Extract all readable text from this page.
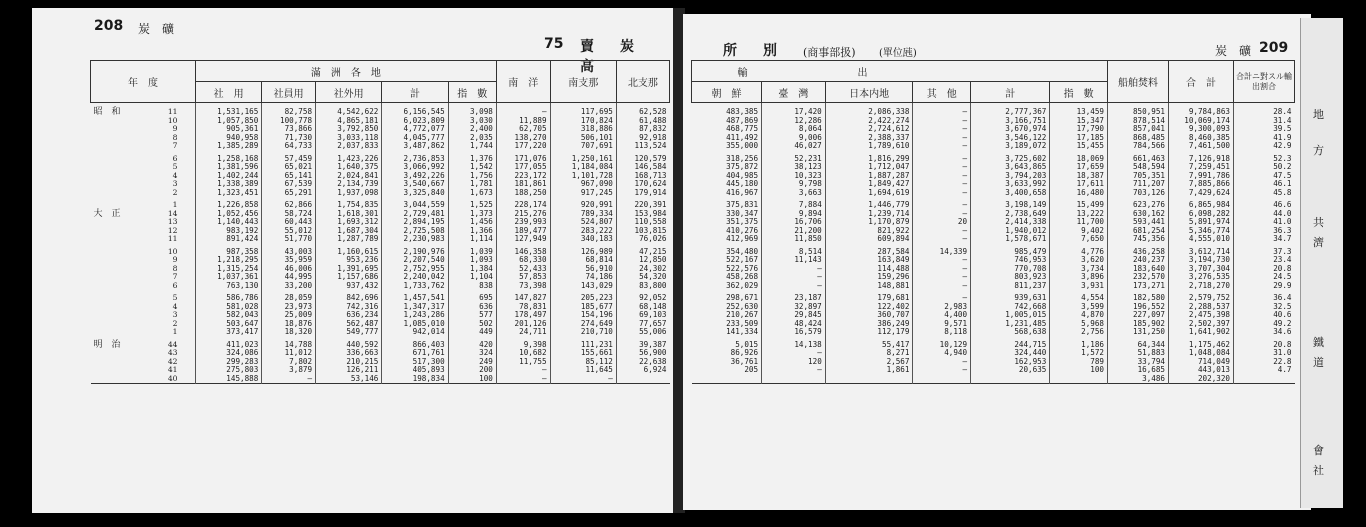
208 炭　礦
75 賣　炭　高
年　度	滿　洲　各　地					南　洋	南支那	北支那
	社　用	社員用	社外用	計	指　數			
昭　和 11	1,531,165	82,758	4,542,622	6,156,545	3,098	—	117,695	62,528
10	1,057,850	100,778	4,865,181	6,023,809	3,030	11,889	170,824	61,488
9	905,361	73,866	3,792,850	4,772,077	2,400	62,705	318,886	87,832
8	940,958	71,730	3,033,118	4,045,777	2,035	138,270	506,101	92,918
7	1,385,289	64,733	2,037,833	3,487,862	1,744	177,220	707,691	113,524
6	1,258,168	57,459	1,423,226	2,736,853	1,376	171,076	1,250,161	120,579
5	1,381,596	65,021	1,640,375	3,066,992	1,542	177,055	1,184,084	146,584
4	1,402,244	65,141	2,024,841	3,492,226	1,756	223,172	1,101,728	168,713
3	1,338,389	67,539	2,134,739	3,540,667	1,781	181,861	967,090	170,624
2	1,323,451	65,291	1,937,098	3,325,840	1,673	188,250	917,245	179,914
1	1,226,858	62,866	1,754,835	3,044,559	1,525	228,174	920,991	220,391
大　正 14	1,052,456	58,724	1,618,301	2,729,481	1,373	215,276	789,334	153,984
13	1,140,443	60,443	1,693,312	2,894,195	1,456	239,993	524,807	110,558
12	983,192	55,012	1,687,304	2,725,508	1,366	189,477	283,222	103,815
11	891,424	51,770	1,287,789	2,230,983	1,114	127,949	340,183	76,026
10	987,358	43,003	1,160,615	2,190,976	1,039	146,358	126,989	47,215
9	1,218,295	35,959	953,236	2,207,540	1,093	68,330	68,814	12,850
8	1,315,254	46,006	1,391,695	2,752,955	1,384	52,433	56,910	24,302
7	1,037,361	44,995	1,157,686	2,240,042	1,104	57,853	74,186	54,320
6	763,130	33,200	937,432	1,733,762	838	73,398	143,029	83,800
5	586,786	28,059	842,696	1,457,541	695	147,827	205,223	92,052
4	581,028	23,973	742,316	1,347,317	636	78,831	185,677	68,148
3	582,043	25,009	636,234	1,243,286	577	178,497	154,196	69,103
2	503,647	18,876	562,487	1,085,010	502	201,126	274,649	77,657
1	373,417	18,320	549,777	942,014	449	24,711	210,710	55,006
明　治 44	411,023	14,788	440,592	866,403	420	9,398	111,231	39,387
43	324,086	11,012	336,663	671,761	324	10,682	155,661	56,900
42	299,283	7,802	210,215	517,300	249	11,755	85,112	22,638
41	275,803	3,879	126,211	405,893	200	—	11,645	6,924
40	145,888	—	53,146	198,834	100	—	—	
所　別 (商事部扱) (單位瓲)	炭　礦 209
輸 出						船舶焚料	合　計	合計ニ對スル輸出割合
朝　鮮	臺　灣	日本内地	其　他	計	指　數			
483,385	17,420	2,086,338	—	2,777,367	13,459	850,951	9,784,863	28.4
487,869	12,286	2,422,274	—	3,166,751	15,347	878,514	10,069,174	31.4
468,775	8,064	2,724,612	—	3,670,974	17,790	857,041	9,300,093	39.5
411,492	9,006	2,388,337	—	3,546,122	17,185	868,485	8,460,385	41.9
355,000	46,027	1,789,610	—	3,189,072	15,455	784,566	7,461,500	42.9
318,256	52,231	1,816,299	—	3,725,602	18,069	661,463	7,126,918	52.3
375,872	38,123	1,712,047	—	3,643,865	17,659	548,594	7,259,451	50.2
404,985	10,323	1,887,287	—	3,794,203	18,387	705,351	7,991,786	47.5
445,180	9,798	1,849,427	—	3,633,992	17,611	711,207	7,885,866	46.1
416,967	3,663	1,694,619	—	3,400,658	16,480	703,126	7,429,624	45.8
375,831	7,884	1,446,779	—	3,198,149	15,499	623,276	6,865,984	46.6
330,347	9,894	1,239,714	—	2,738,649	13,222	630,162	6,098,282	44.0
351,375	16,706	1,170,879	20	2,414,338	11,700	593,441	5,891,974	41.0
410,276	21,200	821,922	—	1,940,012	9,402	681,254	5,346,774	36.3
412,969	11,850	609,894	—	1,578,671	7,650	745,356	4,555,010	34.7
354,480	8,514	287,584	14,339	985,479	4,776	436,258	3,612,714	37.3
522,167	11,143	163,849	—	746,953	3,620	240,237	3,194,730	23.4
522,576	—	114,488	—	770,708	3,734	183,640	3,707,304	20.8
458,268	—	159,296	—	803,923	3,896	232,570	3,276,535	24.5
362,029	—	148,881	—	811,237	3,931	173,271	2,718,270	29.9
298,671	23,187	179,681	—	939,631	4,554	182,580	2,579,752	36.4
252,630	32,897	122,402	2,983	742,668	3,599	196,552	2,288,537	32.5
210,267	29,845	360,707	4,400	1,005,015	4,870	227,097	2,475,398	40.6
233,509	48,424	386,249	9,571	1,231,485	5,968	185,902	2,502,397	49.2
141,334	16,579	112,179	8,118	568,638	2,756	131,250	1,641,902	34.6
5,015	14,138	55,417	10,129	244,715	1,186	64,344	1,175,462	20.8
86,926	—	8,271	4,940	324,440	1,572	51,883	1,048,084	31.0
36,761	120	2,567	—	162,953	789	33,794	714,049	22.8
205	—	1,861	—	20,635	100	16,685	443,013	4.7
						3,486	202,320	
地
方
共
濟
鐵
道
會
社
